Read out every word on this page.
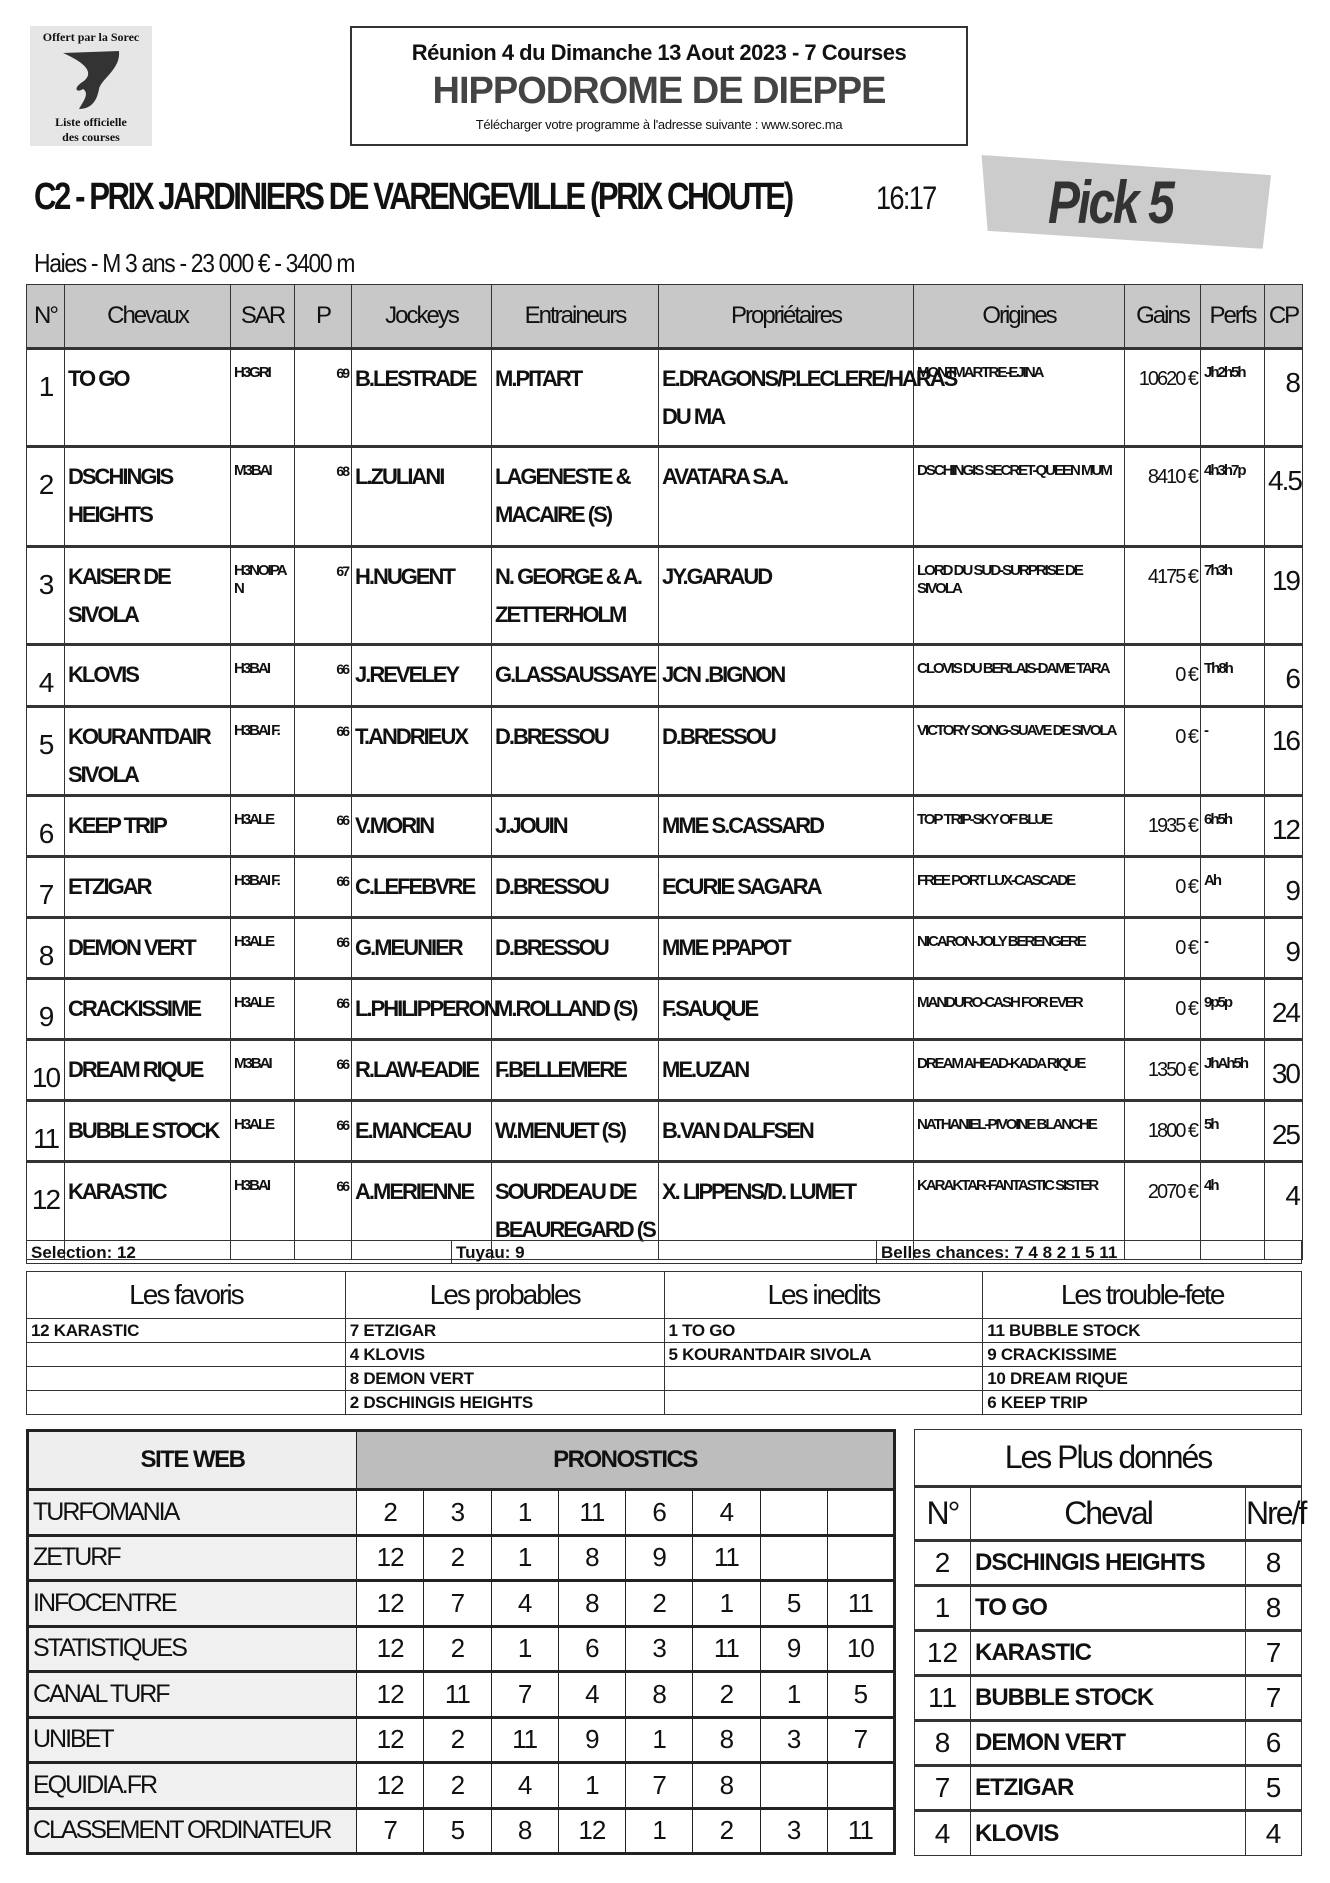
Offert par la Sorec
Liste officielle
des courses
Réunion 4 du Dimanche 13 Aout 2023 - 7 Courses
HIPPODROME DE DIEPPE
Télécharger votre programme à l'adresse suivante : www.sorec.ma
C2 - PRIX JARDINIERS DE VARENGEVILLE (PRIX CHOUTE)	16:17 Pick 5
Haies - M 3 ans - 23 000 € - 3400 m
N°	Chevaux	SAR	P	Jockeys	Entraineurs	Propriétaires	Origines	Gains	Perfs	CP
1	TO GO	H3GRI	69	B.LESTRADE	M.PITART	E.DRAGONS/P.LECLERE/HARAS DU MA	MONTMARTRE-EJINA	10620 €	Jh2h5h	8
2	DSCHINGIS HEIGHTS	M3BAI	68	L.ZULIANI	LAGENESTE & MACAIRE (S)	AVATARA S.A.	DSCHINGIS SECRET-QUEEN MUM	8410 €	4h3h7p	4.5
3	KAISER DE SIVOLA	H3NOIPA N	67	H.NUGENT	N. GEORGE & A. ZETTERHOLM	JY.GARAUD	LORD DU SUD-SURPRISE DE SIVOLA	4175 €	7h3h	19
4	KLOVIS	H3BAI	66	J.REVELEY	G.LASSAUSSAYE	JCN .BIGNON	CLOVIS DU BERLAIS-DAME TARA	0 €	Th8h	6
5	KOURANTDAIR SIVOLA	H3BAI F.	66	T.ANDRIEUX	D.BRESSOU	D.BRESSOU	VICTORY SONG-SUAVE DE SIVOLA	0 €	-	16
6	KEEP TRIP	H3ALE	66	V.MORIN	J.JOUIN	MME S.CASSARD	TOP TRIP-SKY OF BLUE	1935 €	6h5h	12
7	ETZIGAR	H3BAI F.	66	C.LEFEBVRE	D.BRESSOU	ECURIE SAGARA	FREE PORT LUX-CASCADE	0 €	Ah	9
8	DEMON VERT	H3ALE	66	G.MEUNIER	D.BRESSOU	MME P.PAPOT	NICARON-JOLY BERENGERE	0 €	-	9
9	CRACKISSIME	H3ALE	66	L.PHILIPPERON	M.ROLLAND (S)	F.SAUQUE	MANDURO-CASH FOR EVER	0 €	9p5p	24
10	DREAM RIQUE	M3BAI	66	R.LAW-EADIE	F.BELLEMERE	ME.UZAN	DREAM AHEAD-KADA RIQUE	1350 €	JhAh5h	30
11	BUBBLE STOCK	H3ALE	66	E.MANCEAU	W.MENUET (S)	B.VAN DALFSEN	NATHANIEL-PIVOINE BLANCHE	1800 €	5h	25
12	KARASTIC	H3BAI	66	A.MERIENNE	SOURDEAU DE BEAUREGARD (S	X. LIPPENS/D. LUMET	KARAKTAR-FANTASTIC SISTER	2070 €	4h	4
Selection: 12	Tuyau: 9	Belles chances: 7 4 8 2 1 5 11
Les favoris	Les probables	Les inedits	Les trouble-fete
12 KARASTIC	7 ETZIGAR	1 TO GO	11 BUBBLE STOCK
	4 KLOVIS	5 KOURANTDAIR SIVOLA	9 CRACKISSIME
	8 DEMON VERT		10 DREAM RIQUE
	2 DSCHINGIS HEIGHTS		6 KEEP TRIP
SITE WEB	PRONOSTICS							
TURFOMANIA	2	3	1	11	6	4		
ZETURF	12	2	1	8	9	11		
INFOCENTRE	12	7	4	8	2	1	5	11
STATISTIQUES	12	2	1	6	3	11	9	10
CANAL TURF	12	11	7	4	8	2	1	5
UNIBET	12	2	11	9	1	8	3	7
EQUIDIA.FR	12	2	4	1	7	8		
CLASSEMENT ORDINATEUR	7	5	8	12	1	2	3	11
Les Plus donnés		
N°	Cheval	Nre/f
2	DSCHINGIS HEIGHTS	8
1	TO GO	8
12	KARASTIC	7
11	BUBBLE STOCK	7
8	DEMON VERT	6
7	ETZIGAR	5
4	KLOVIS	4
